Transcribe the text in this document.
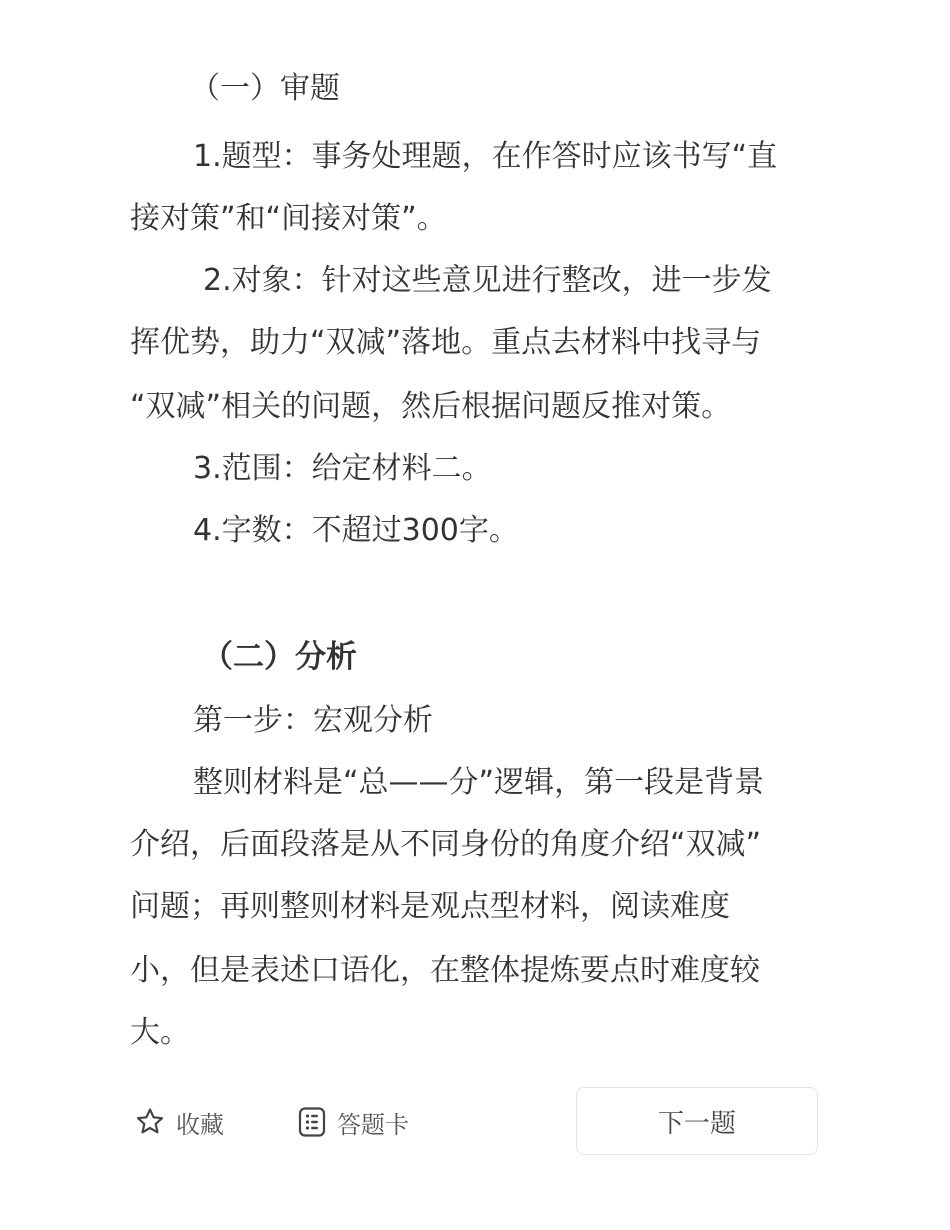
（一）审题
1.题型：事务处理题，在作答时应该书写“直
接对策”和“间接对策”。
2.对象：针对这些意见进行整改，进一步发
挥优势，助力“双减”落地。重点去材料中找寻与
“双减”相关的问题，然后根据问题反推对策。
3.范围：给定材料二。
4.字数：不超过300字。
（二）分析
第一步：宏观分析
整则材料是“总——分”逻辑，第一段是背景
介绍，后面段落是从不同身份的角度介绍“双减”
问题；再则整则材料是观点型材料，阅读难度
小，但是表述口语化，在整体提炼要点时难度较
大。
收藏	答题卡	下一题
